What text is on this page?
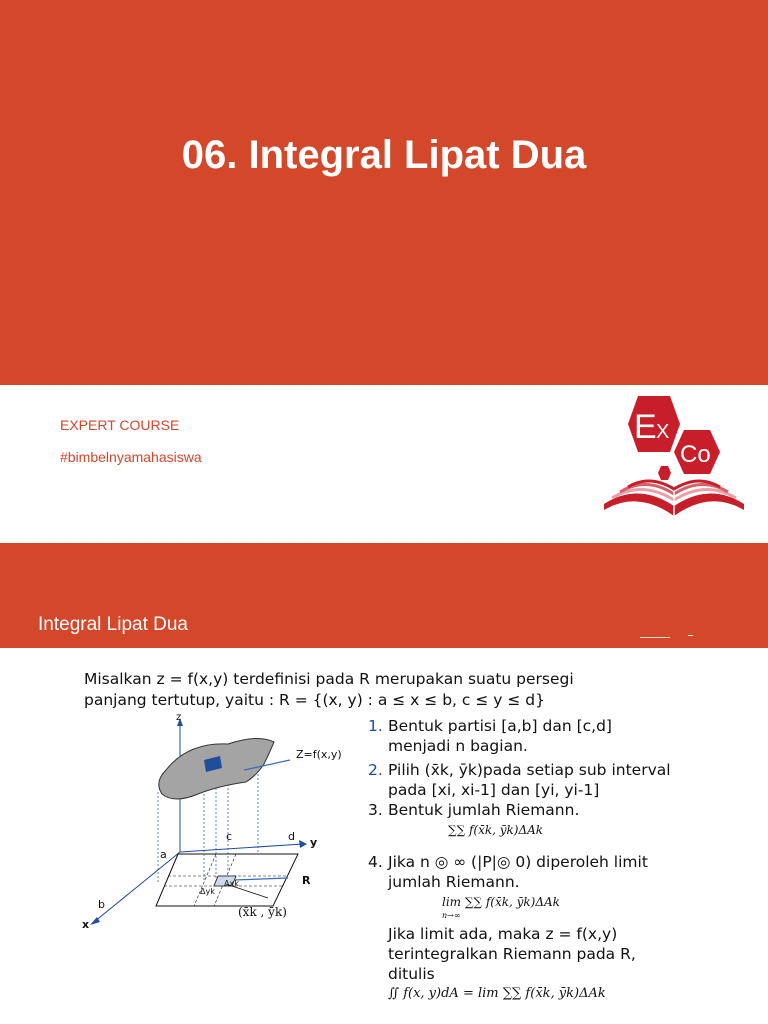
06. Integral Lipat Dua
EXPERT COURSE
#bimbelnyamahasiswa
E X
Co
Integral Lipat Dua
Misalkan z = f(x,y) terdefinisi pada R merupakan suatu persegi
panjang tertutup, yaitu : R = {(x, y) : a ≤ x ≤ b, c ≤ y ≤ d}
z
Z=f(x,y)
y
x
a
b
c	d
R
Δxk
Δyk
(x̄k , ȳk)
1. Bentuk partisi [a,b] dan [c,d]
menjadi n bagian.
2. Pilih (x̄k, ȳk)pada setiap sub interval
pada [xi, xi-1] dan [yi, yi-1]
3. Bentuk jumlah Riemann.
∑∑ f(x̄k, ȳk)ΔAk
4. Jika n ◎ ∞ (|P|◎ 0) diperoleh limit
jumlah Riemann.
lim ∑∑ f(x̄k, ȳk)ΔAk
n→∞
Jika limit ada, maka z = f(x,y)
terintegralkan Riemann pada R,
ditulis
∬ f(x, y)dA = lim ∑∑ f(x̄k, ȳk)ΔAk
